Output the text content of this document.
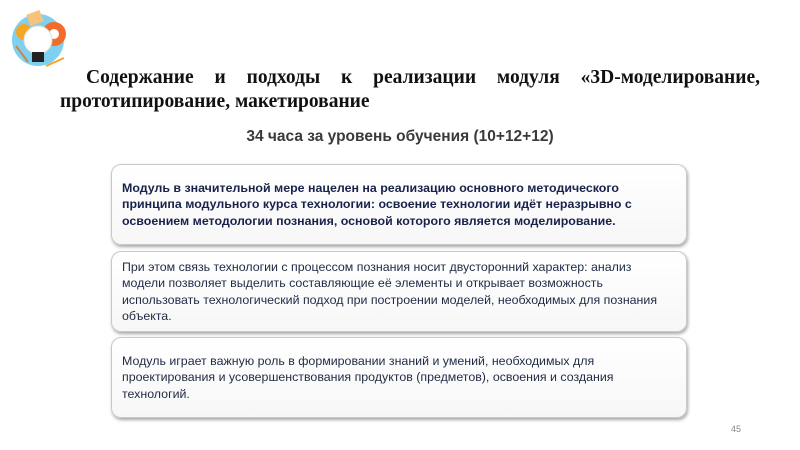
Содержание и подходы к реализации модуля «3D-моделирование,
прототипирование, макетирование
34 часа за уровень обучения (10+12+12)
Модуль в значительной мере нацелен на реализацию основного методического принципа модульного курса технологии: освоение технологии идёт неразрывно с освоением методологии познания, основой которого является моделирование.
При этом связь технологии с процессом познания носит двусторонний характер: анализ модели позволяет выделить составляющие её элементы и открывает возможность использовать технологический подход при построении моделей, необходимых для познания объекта.
Модуль играет важную роль в формировании знаний и умений, необходимых для проектирования и усовершенствования продуктов (предметов), освоения и создания технологий.
45
